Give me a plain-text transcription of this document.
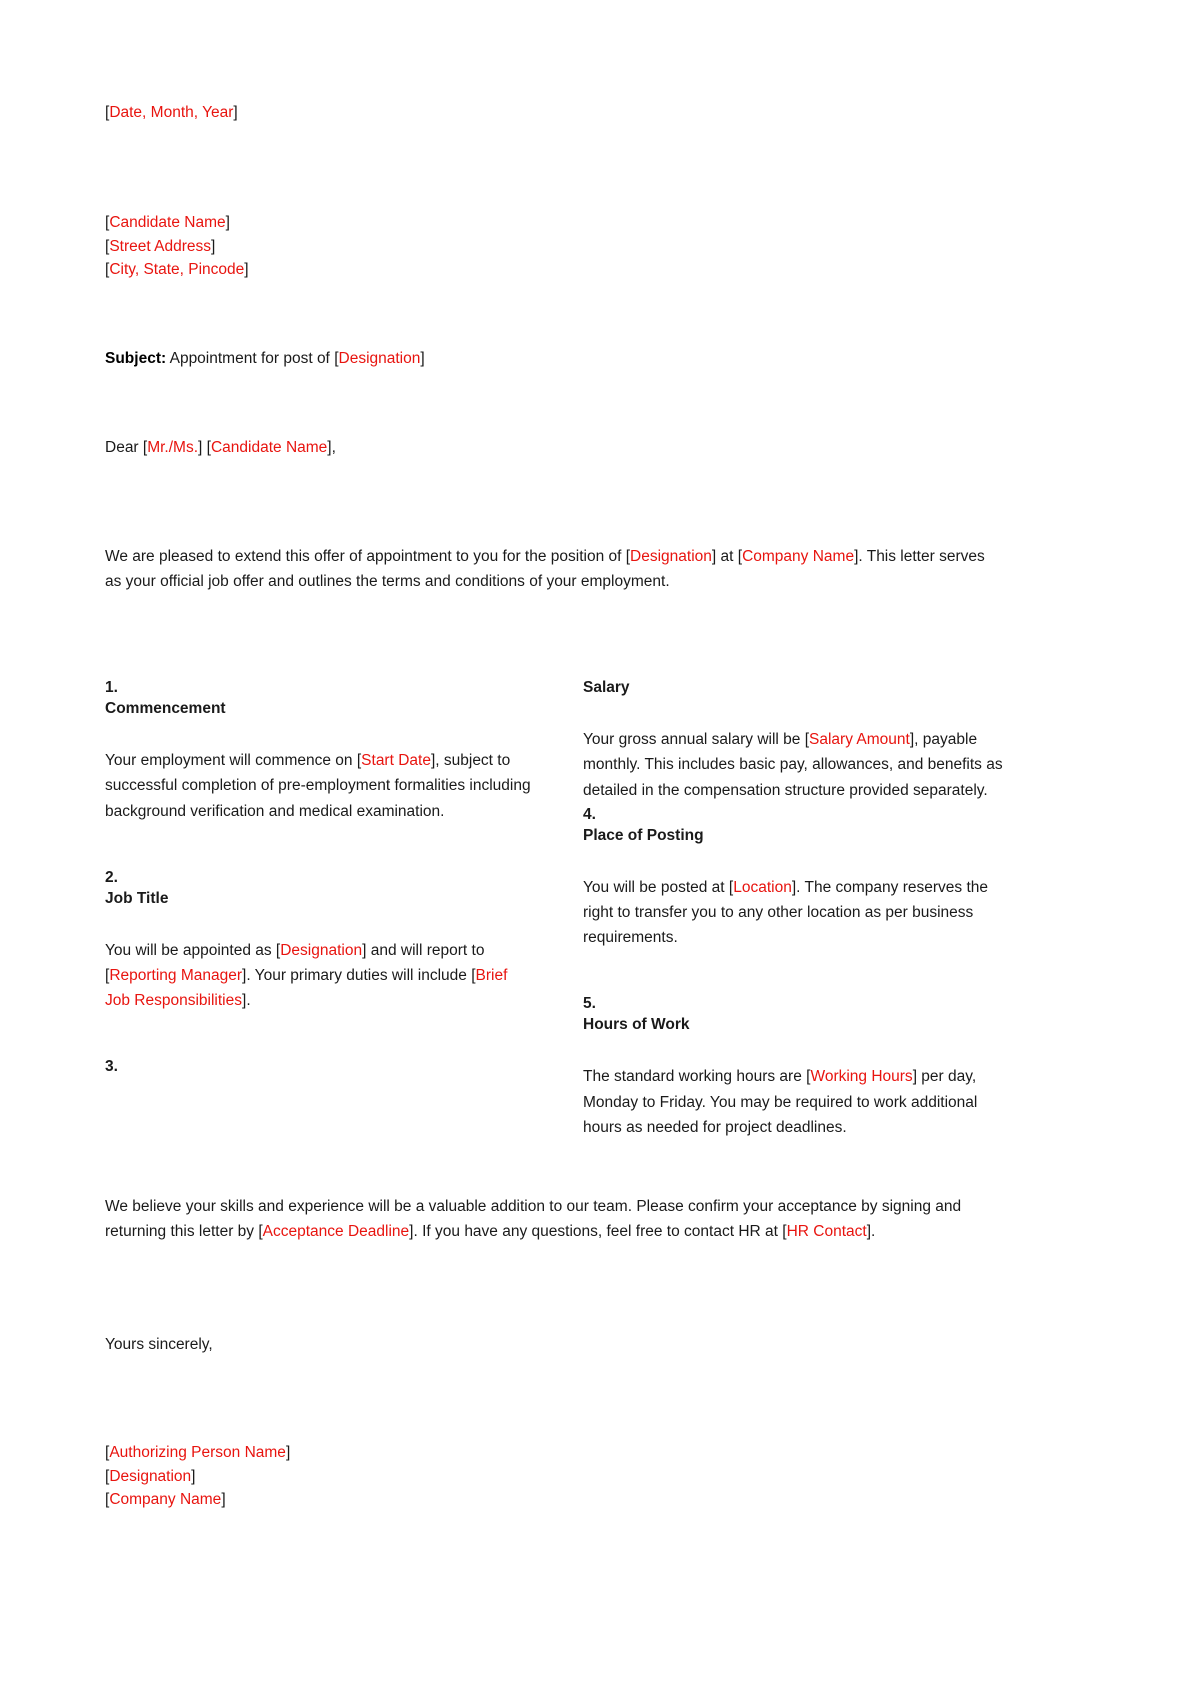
[Date, Month, Year]

[Candidate Name]

[Street Address]

[City, State, Pincode]

Subject: Appointment for post of [Designation]

Dear [Mr./Ms.] [Candidate Name],

We are pleased to extend this offer of appointment to you for the position of [Designation] at [Company Name]. This letter serves as your official job offer and outlines the terms and conditions of your employment.

1.

Commencement

Your employment will commence on [Start Date], subject to successful completion of pre-employment formalities including background verification and medical examination.

2.

Job Title

You will be appointed as [Designation] and will report to [Reporting Manager]. Your primary duties will include [Brief Job Responsibilities].

3.

Salary

Your gross annual salary will be [Salary Amount], payable monthly. This includes basic pay, allowances, and benefits as detailed in the compensation structure provided separately.

4.

Place of Posting

You will be posted at [Location]. The company reserves the right to transfer you to any other location as per business requirements.

5.

Hours of Work

The standard working hours are [Working Hours] per day, Monday to Friday. You may be required to work additional hours as needed for project deadlines.

We believe your skills and experience will be a valuable addition to our team. Please confirm your acceptance by signing and returning this letter by [Acceptance Deadline]. If you have any questions, feel free to contact HR at [HR Contact].

Yours sincerely,

[Authorizing Person Name]

[Designation]

[Company Name]
